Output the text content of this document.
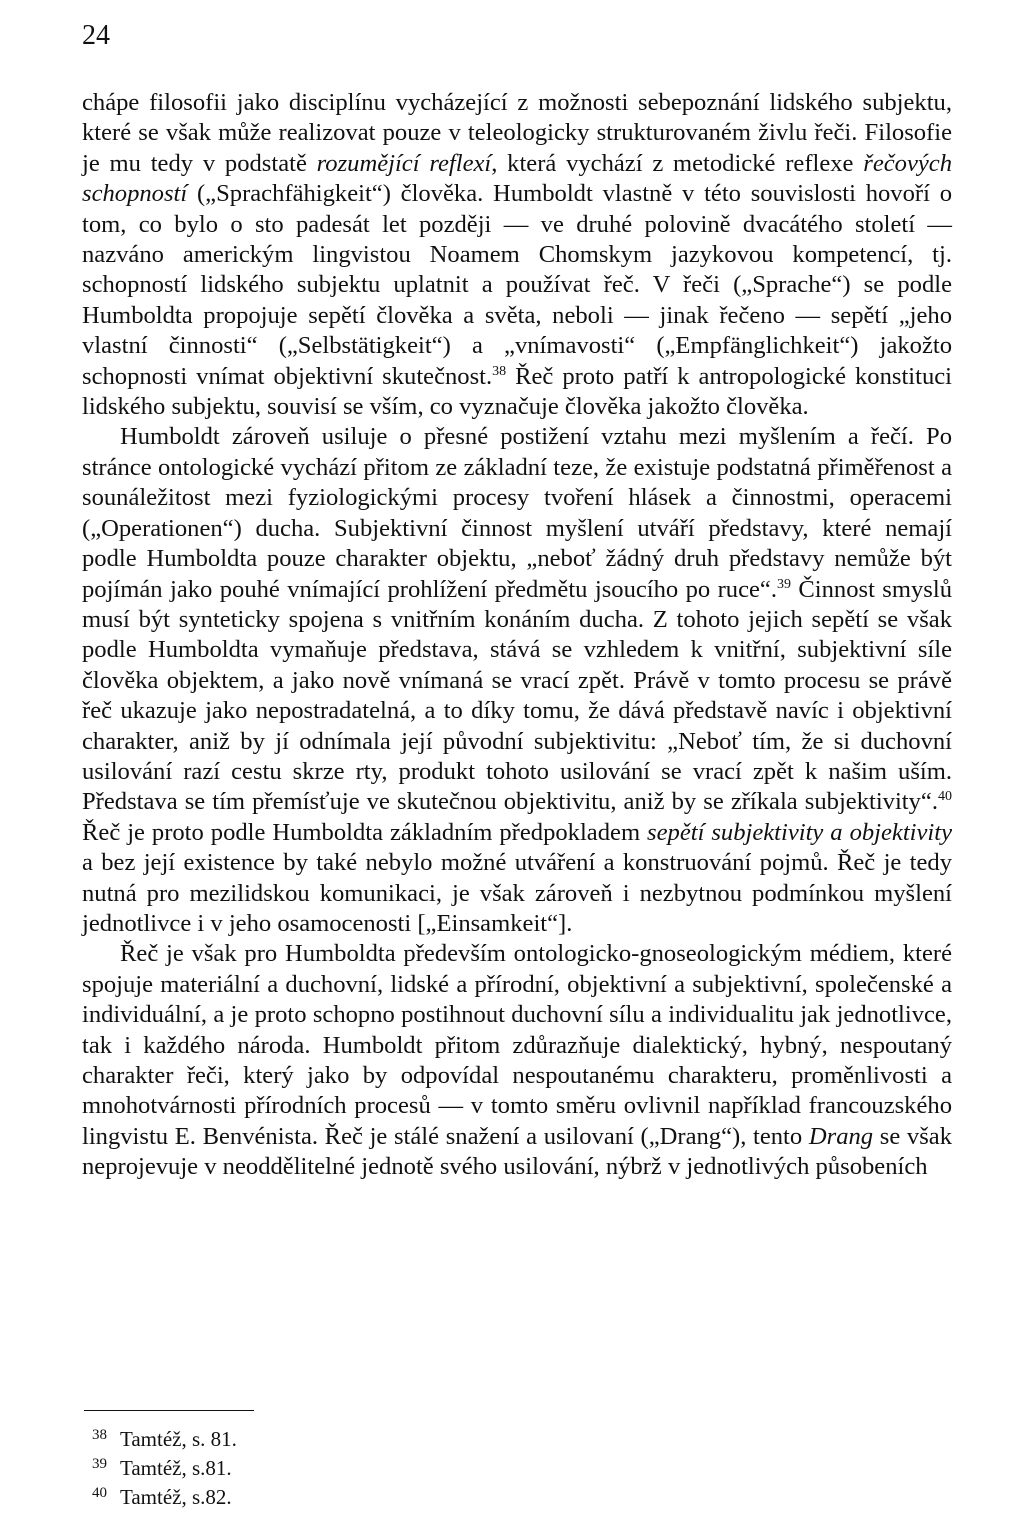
24

chápe filosofii jako disciplínu vycházející z možnosti sebepoznání lidského subjektu, které se však může realizovat pouze v teleologicky strukturovaném živlu řeči. Filosofie je mu tedy v podstatě rozumějící reflexí, která vychází z metodické reflexe řečových schopností („Sprachfähigkeit“) člověka. Humboldt vlastně v této souvislosti hovoří o tom, co bylo o sto padesát let později — ve druhé polovině dvacátého století — nazváno americkým lingvistou Noamem Chomskym jazykovou kompetencí, tj. schopností lidského subjektu uplatnit a používat řeč. V řeči („Sprache“) se podle Humboldta propojuje sepětí člověka a světa, neboli — jinak řečeno — sepětí „jeho vlastní činnosti“ („Selbstätigkeit“) a „vnímavosti“ („Empfänglichkeit“) jakožto schopnosti vnímat objektivní skutečnost.$^{38}$ Řeč proto patří k antropologické konstituci lidského subjektu, souvisí se vším, co vyznačuje člověka jakožto člověka.

Humboldt zároveň usiluje o přesné postižení vztahu mezi myšlením a řečí. Po stránce ontologické vychází přitom ze základní teze, že existuje podstatná přiměřenost a sounáležitost mezi fyziologickými procesy tvoření hlásek a činnostmi, operacemi („Operationen“) ducha. Subjektivní činnost myšlení utváří představy, které nemají podle Humboldta pouze charakter objektu, „neboť žádný druh představy nemůže být pojímán jako pouhé vnímající prohlížení předmětu jsoucího po ruce“.$^{39}$ Činnost smyslů musí být synteticky spojena s vnitřním konáním ducha. Z tohoto jejich sepětí se však podle Humboldta vymaňuje představa, stává se vzhledem k vnitřní, subjektivní síle člověka objektem, a jako nově vnímaná se vrací zpět. Právě v tomto procesu se právě řeč ukazuje jako nepostradatelná, a to díky tomu, že dává představě navíc i objektivní charakter, aniž by jí odnímala její původní subjektivitu: „Neboť tím, že si duchovní usilování razí cestu skrze rty, produkt tohoto usilování se vrací zpět k našim uším. Představa se tím přemísťuje ve skutečnou objektivitu, aniž by se zříkala subjektivity“.$^{40}$ Řeč je proto podle Humboldta základním předpokladem sepětí subjektivity a objektivity a bez její existence by také nebylo možné utváření a konstruování pojmů. Řeč je tedy nutná pro mezilidskou komunikaci, je však zároveň i nezbytnou podmínkou myšlení jednotlivce i v jeho osamocenosti [„Einsamkeit“].

Řeč je však pro Humboldta především ontologicko-gnoseologickým médiem, které spojuje materiální a duchovní, lidské a přírodní, objektivní a subjektivní, společenské a individuální, a je proto schopno postihnout duchovní sílu a individualitu jak jednotlivce, tak i každého národa. Humboldt přitom zdůrazňuje dialektický, hybný, nespoutaný charakter řeči, který jako by odpovídal nespoutanému charakteru, proměnlivosti a mnohotvárnosti přírodních procesů — v tomto směru ovlivnil například francouzského lingvistu E. Benvénista. Řeč je stálé snažení a usilovaní („Drang“), tento Drang se však neprojevuje v neoddělitelné jednotě svého usilování, nýbrž v jednotlivých působeních

38 Tamtéž, s. 81.
39 Tamtéž, s.81.
40 Tamtéž, s.82.
